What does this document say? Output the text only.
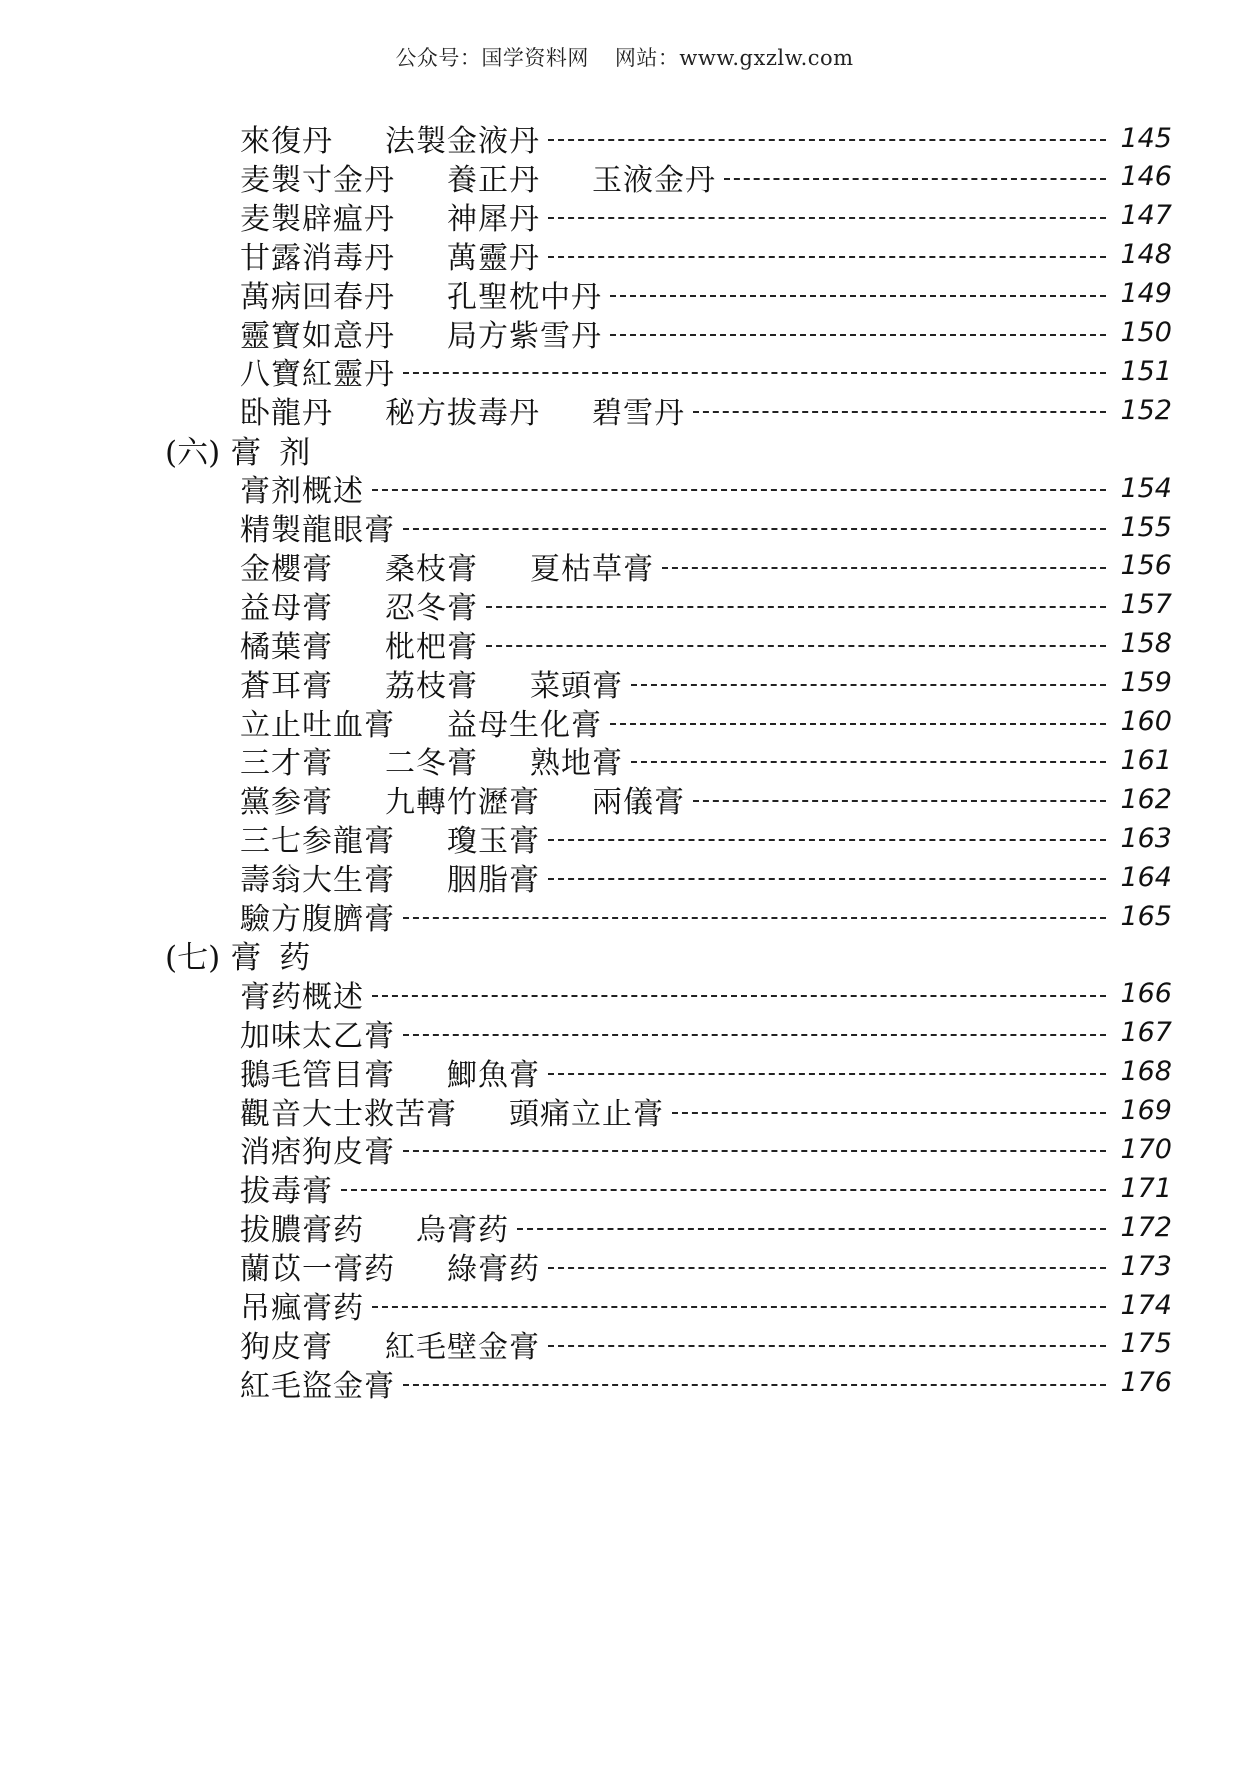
公众号：国学资料网 网站：www.gxzlw.com
來復丹 法製金液丹	145
麦製寸金丹 養正丹 玉液金丹	146
麦製辟瘟丹 神犀丹	147
甘露消毒丹 萬靈丹	148
萬病回春丹 孔聖枕中丹	149
靈寶如意丹 局方紫雪丹	150
八寶紅靈丹	151
卧龍丹 秘方拔毒丹 碧雪丹	152
(六) 膏剂
膏剂概述	154
精製龍眼膏	155
金櫻膏 桑枝膏 夏枯草膏	156
益母膏 忍冬膏	157
橘葉膏 枇杷膏	158
蒼耳膏 荔枝膏 菜頭膏	159
立止吐血膏 益母生化膏	160
三才膏 二冬膏 熟地膏	161
黨参膏 九轉竹瀝膏 兩儀膏	162
三七参龍膏 瓊玉膏	163
壽翁大生膏 胭脂膏	164
驗方腹臍膏	165
(七) 膏药
膏药概述	166
加味太乙膏	167
鵝毛管目膏 鯽魚膏	168
觀音大士救苦膏 頭痛立止膏	169
消痞狗皮膏	170
拔毒膏	171
拔膿膏药 烏膏药	172
蘭苡一膏药 綠膏药	173
吊瘋膏药	174
狗皮膏 紅毛壁金膏	175
紅毛盜金膏	176
